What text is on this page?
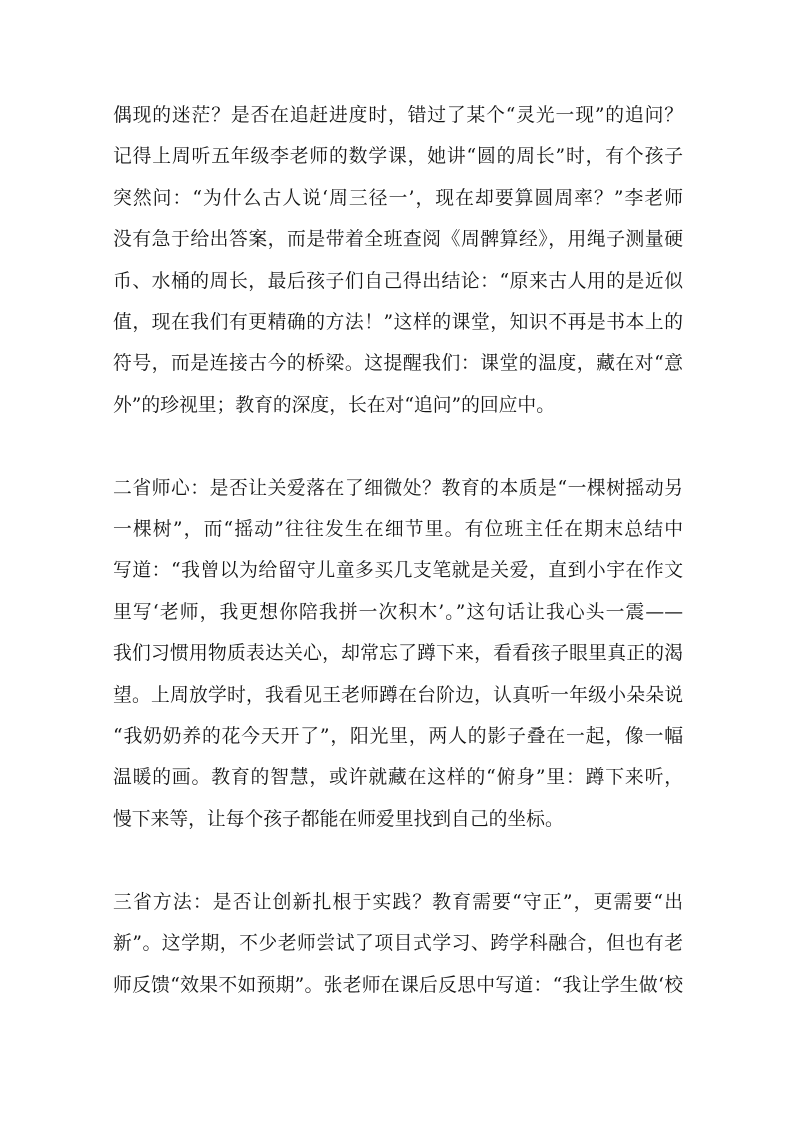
偶现的迷茫？是否在追赶进度时，错过了某个“灵光一现”的追问？
记得上周听五年级李老师的数学课，她讲“圆的周长”时，有个孩子
突然问：“为什么古人说‘周三径一’，现在却要算圆周率？”李老师
没有急于给出答案，而是带着全班查阅《周髀算经》，用绳子测量硬
币、水桶的周长，最后孩子们自己得出结论：“原来古人用的是近似
值，现在我们有更精确的方法！”这样的课堂，知识不再是书本上的
符号，而是连接古今的桥梁。这提醒我们：课堂的温度，藏在对“意
外”的珍视里；教育的深度，长在对“追问”的回应中。
二省师心：是否让关爱落在了细微处？教育的本质是“一棵树摇动另
一棵树”，而“摇动”往往发生在细节里。有位班主任在期末总结中
写道：“我曾以为给留守儿童多买几支笔就是关爱，直到小宇在作文
里写‘老师，我更想你陪我拼一次积木’。”这句话让我心头一震——
我们习惯用物质表达关心，却常忘了蹲下来，看看孩子眼里真正的渴
望。上周放学时，我看见王老师蹲在台阶边，认真听一年级小朵朵说
“我奶奶养的花今天开了”，阳光里，两人的影子叠在一起，像一幅
温暖的画。教育的智慧，或许就藏在这样的“俯身”里：蹲下来听，
慢下来等，让每个孩子都能在师爱里找到自己的坐标。
三省方法：是否让创新扎根于实践？教育需要“守正”，更需要“出
新”。这学期，不少老师尝试了项目式学习、跨学科融合，但也有老
师反馈“效果不如预期”。张老师在课后反思中写道：“我让学生做‘校
